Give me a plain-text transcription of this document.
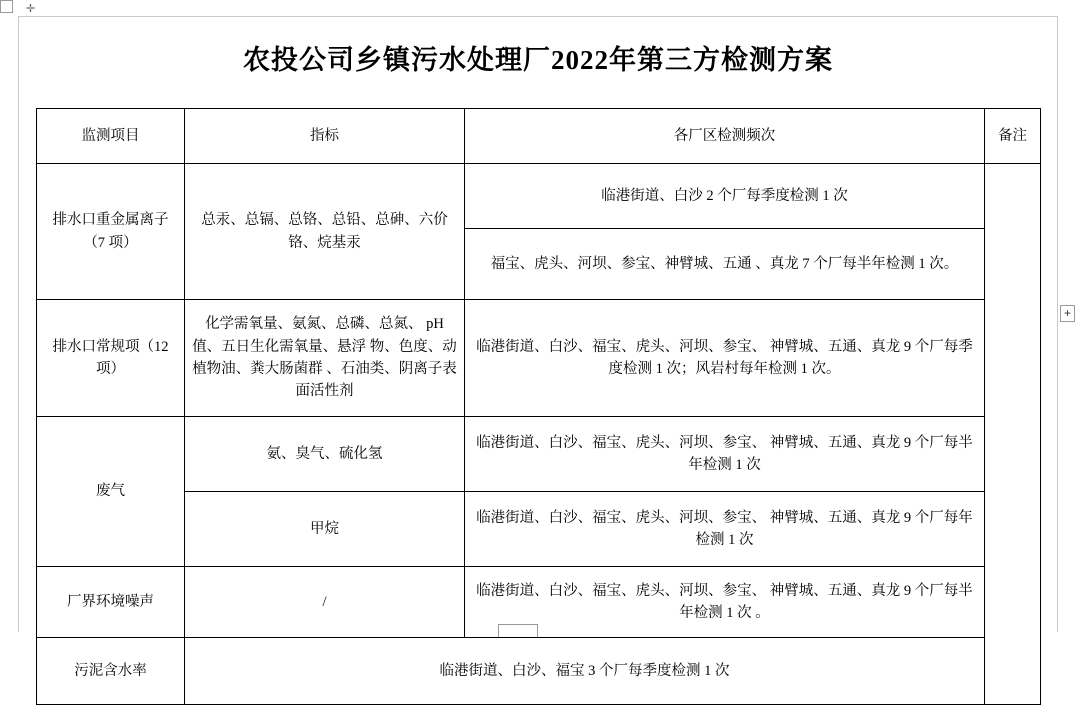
✛
+
农投公司乡镇污水处理厂2022年第三方检测方案
监测项目	指标	各厂区检测频次	备注
排水口重金属离子（7 项）	总汞、总镉、总铬、总铅、总砷、六价铬、烷基汞	临港街道、白沙 2 个厂每季度检测 1 次	
		福宝、虎头、河坝、参宝、神臂城、五通 、真龙 7 个厂每半年检测 1 次。	
排水口常规项（12 项）	化学需氧量、氨氮、总磷、总氮、 pH 值、五日生化需氧量、悬浮 物、色度、动植物油、粪大肠菌群 、石油类、阴离子表面活性剂	临港街道、白沙、福宝、虎头、河坝、参宝、 神臂城、五通、真龙 9 个厂每季度检测 1 次；风岩村每年检测 1 次。	
废气	氨、臭气、硫化氢	临港街道、白沙、福宝、虎头、河坝、参宝、 神臂城、五通、真龙 9 个厂每半年检测 1 次	
	甲烷	临港街道、白沙、福宝、虎头、河坝、参宝、 神臂城、五通、真龙 9 个厂每年检测 1 次	
厂界环境噪声	/	临港街道、白沙、福宝、虎头、河坝、参宝、 神臂城、五通、真龙 9 个厂每半年检测 1 次 。	
污泥含水率	临港街道、白沙、福宝 3 个厂每季度检测 1 次		
